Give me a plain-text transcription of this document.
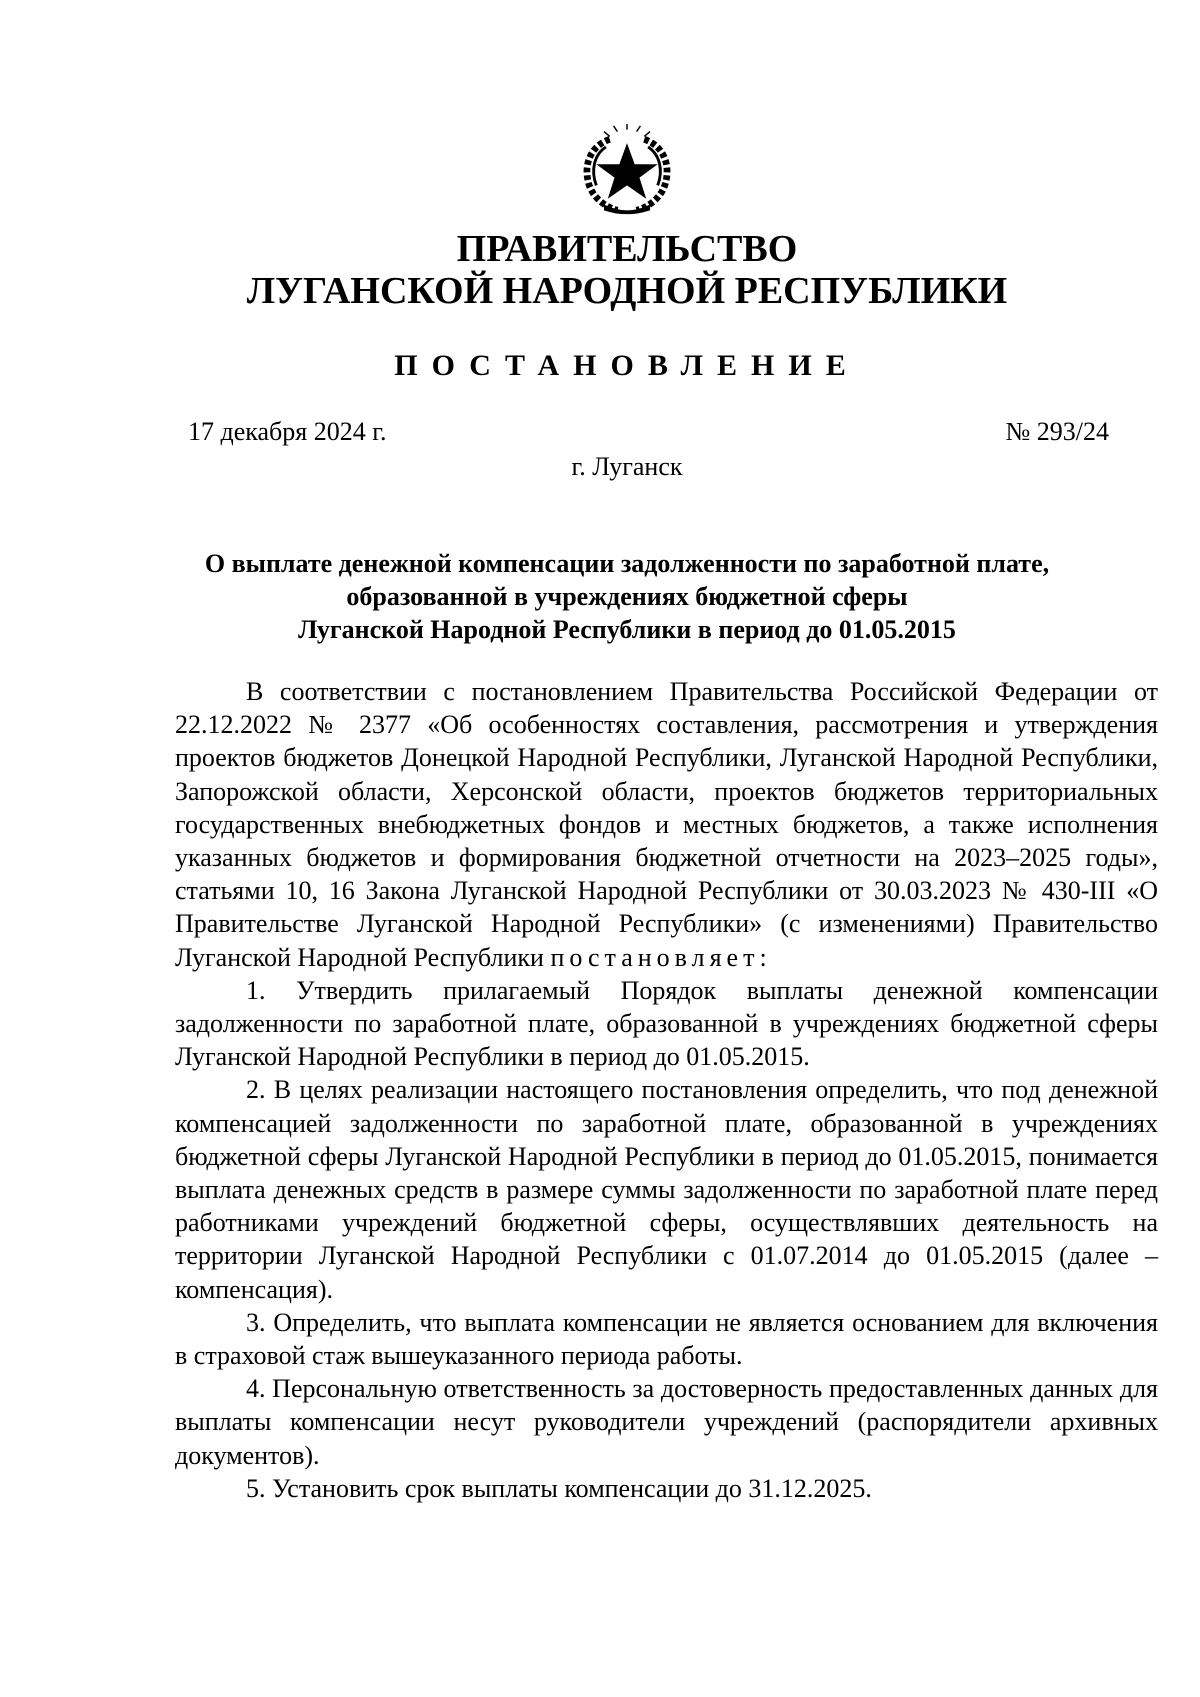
ПРАВИТЕЛЬСТВО
ЛУГАНСКОЙ НАРОДНОЙ РЕСПУБЛИКИ
ПОСТАНОВЛЕНИЕ
17 декабря 2024 г.	№ 293/24
г. Луганск
О выплате денежной компенсации задолженности по заработной плате,
образованной в учреждениях бюджетной сферы
Луганской Народной Республики в период до 01.05.2015

В соответствии с постановлением Правительства Российской Федерации от 22.12.2022 № 2377 «Об особенностях составления, рассмотрения и утверждения проектов бюджетов Донецкой Народной Республики, Луганской Народной Республики, Запорожской области, Херсонской области, проектов бюджетов территориальных государственных внебюджетных фондов и местных бюджетов, а также исполнения указанных бюджетов и формирования бюджетной отчетности на 2023–2025 годы», статьями 10, 16 Закона Луганской Народной Республики от 30.03.2023 № 430-III «О Правительстве Луганской Народной Республики» (с изменениями) Правительство Луганской Народной Республики постановляет:

1. Утвердить прилагаемый Порядок выплаты денежной компенсации задолженности по заработной плате, образованной в учреждениях бюджетной сферы Луганской Народной Республики в период до 01.05.2015.

2. В целях реализации настоящего постановления определить, что под денежной компенсацией задолженности по заработной плате, образованной в учреждениях бюджетной сферы Луганской Народной Республики в период до 01.05.2015, понимается выплата денежных средств в размере суммы задолженности по заработной плате перед работниками учреждений бюджетной сферы, осуществлявших деятельность на территории Луганской Народной Республики с 01.07.2014 до 01.05.2015 (далее – компенсация).

3. Определить, что выплата компенсации не является основанием для включения в страховой стаж вышеуказанного периода работы.

4. Персональную ответственность за достоверность предоставленных данных для выплаты компенсации несут руководители учреждений (распорядители архивных документов).

5. Установить срок выплаты компенсации до 31.12.2025.
